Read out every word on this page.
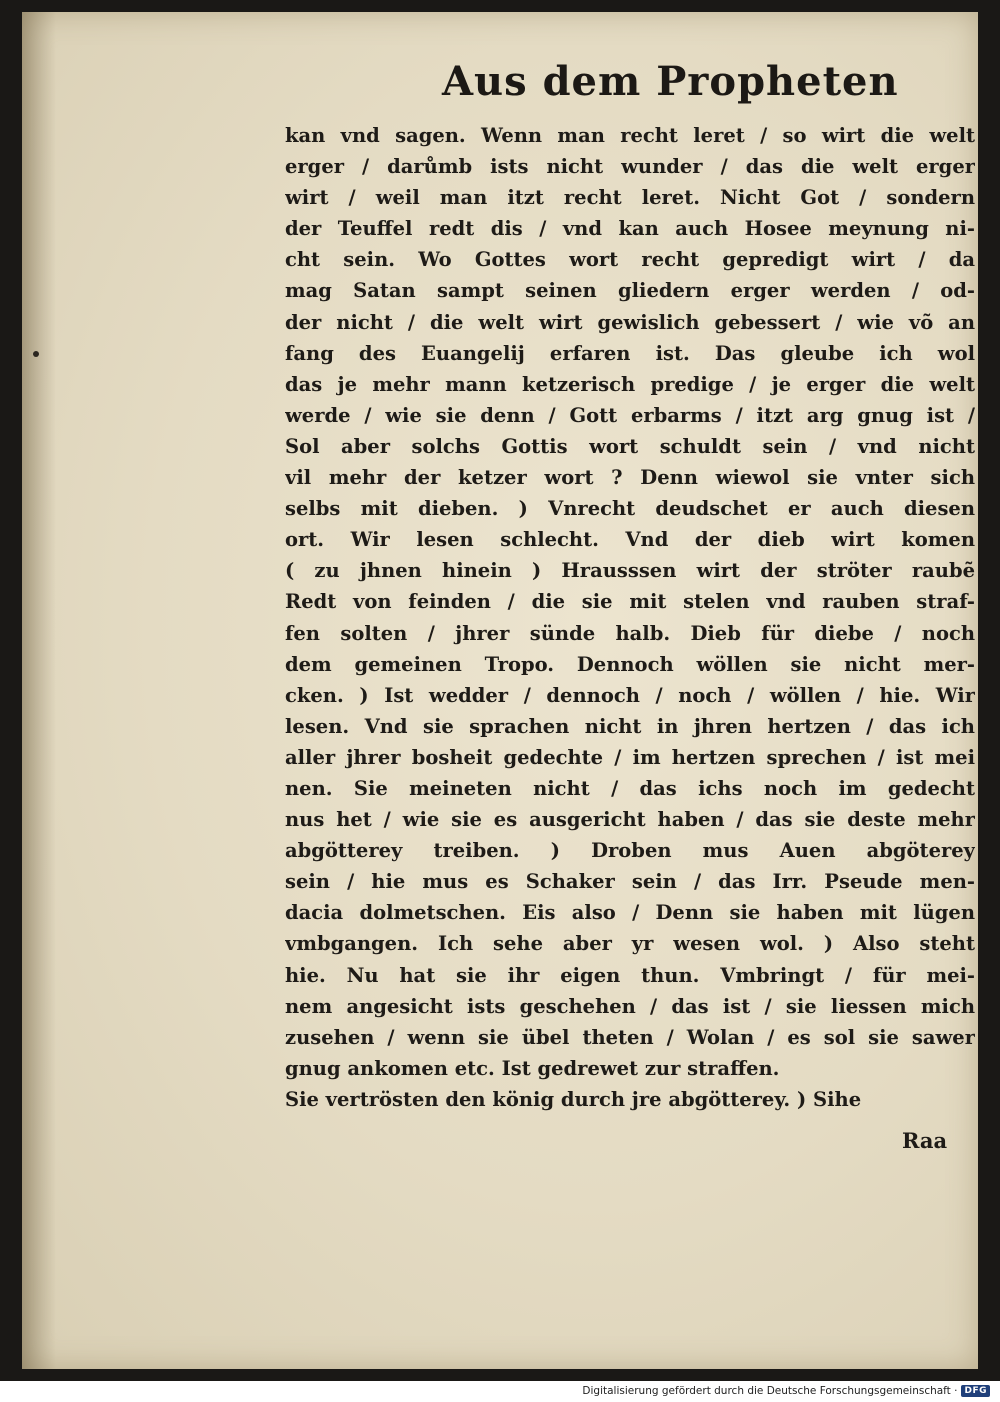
Aus dem Propheten
kan vnd sagen. Wenn man recht leret / so wirt die welt
erger / darůmb ists nicht wunder / das die welt erger
wirt / weil man itzt recht leret. Nicht Got / sondern
der Teuffel redt dis / vnd kan auch Hosee meynung ni-
cht sein. Wo Gottes wort recht gepredigt wirt / da
mag Satan sampt seinen gliedern erger werden / od-
der nicht / die welt wirt gewislich gebessert / wie võ an
fang des Euangelij erfaren ist. Das gleube ich wol
das je mehr mann ketzerisch predige / je erger die welt
werde / wie sie denn / Gott erbarms / itzt arg gnug ist /
Sol aber solchs Gottis wort schuldt sein / vnd nicht
vil mehr der ketzer wort ? Denn wiewol sie vnter sich
selbs mit dieben. ) Vnrecht deudschet er auch diesen
ort. Wir lesen schlecht. Vnd der dieb wirt komen
( zu jhnen hinein ) Hrausssen wirt der ströter raubẽ
Redt von feinden / die sie mit stelen vnd rauben straf-
fen solten / jhrer sünde halb. Dieb für diebe / noch
dem gemeinen Tropo. Dennoch wöllen sie nicht mer-
cken. ) Ist wedder / dennoch / noch / wöllen / hie. Wir
lesen. Vnd sie sprachen nicht in jhren hertzen / das ich
aller jhrer bosheit gedechte / im hertzen sprechen / ist mei
nen. Sie meineten nicht / das ichs noch im gedecht
nus het / wie sie es ausgericht haben / das sie deste mehr
abgötterey treiben. ) Droben mus Auen abgöterey
sein / hie mus es Schaker sein / das Irr. Pseude men-
dacia dolmetschen. Eis also / Denn sie haben mit lügen
vmbgangen. Ich sehe aber yr wesen wol. ) Also steht
hie. Nu hat sie ihr eigen thun. Vmbringt / für mei-
nem angesicht ists geschehen / das ist / sie liessen mich
zusehen / wenn sie übel theten / Wolan / es sol sie sawer
gnug ankomen etc. Ist gedrewet zur straffen.
Sie vertrösten den könig durch jre abgötterey. ) Sihe
Raa
Digitalisierung gefördert durch die Deutsche Forschungsgemeinschaft · DFG
